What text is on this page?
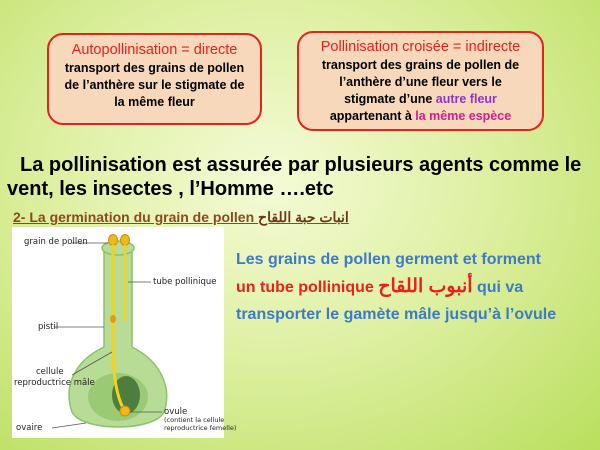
Autopollinisation = directe
transport des grains de pollen
de l’anthère sur le stigmate de
la même fleur
Pollinisation croisée = indirecte
transport des grains de pollen de
l’anthère d’une fleur vers le
stigmate d’une autre fleur
appartenant à la même espèce
La pollinisation est assurée par plusieurs agents comme le
vent, les insectes , l’Homme ….etc
2- La germination du grain de pollen انبات حبة اللقاح
grain de pollen
tube pollinique
pistil
cellule
reproductrice mâle
ovule
(contient la cellule
reproductrice femelle)
ovaire
Les grains de pollen germent et forment
un tube pollinique أنبوب اللقاح qui va
transporter le gamète mâle jusqu’à l’ovule
